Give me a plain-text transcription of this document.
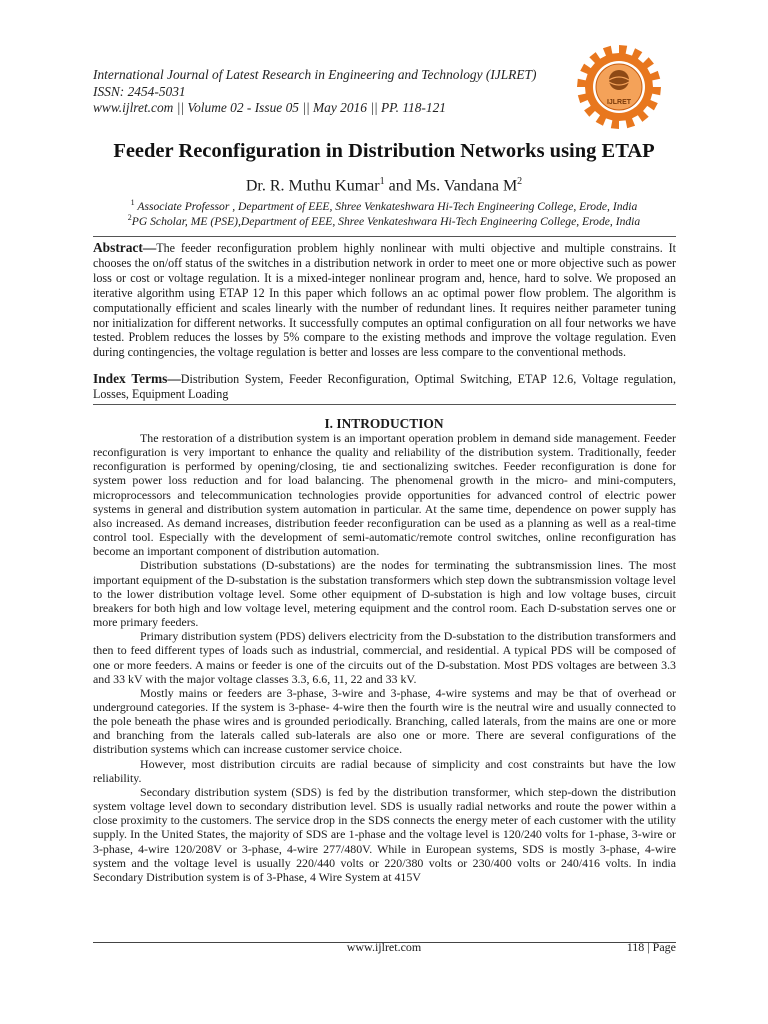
International Journal of Latest Research in Engineering and Technology (IJLRET)
ISSN: 2454-5031
www.ijlret.com || Volume 02 - Issue 05 || May 2016 || PP. 118-121	IJLRET
Feeder Reconfiguration in Distribution Networks using ETAP
Dr. R. Muthu Kumar$^1$ and Ms. Vandana $M^2$
$^1$ Associate Professor , Department of EEE, Shree Venkateshwara Hi-Tech Engineering College, Erode, India
$^2$PG Scholar, ME (PSE),Department of EEE, Shree Venkateshwara Hi-Tech Engineering College, Erode, India
Abstract—The feeder reconfiguration problem highly nonlinear with multi objective and multiple constrains. It chooses the on/off status of the switches in a distribution network in order to meet one or more objective such as power loss or cost or voltage regulation. It is a mixed-integer nonlinear program and, hence, hard to solve. We proposed an iterative algorithm using ETAP 12 In this paper which follows an ac optimal power flow problem. The algorithm is computationally efficient and scales linearly with the number of redundant lines. It requires neither parameter tuning nor initialization for different networks. It successfully computes an optimal configuration on all four networks we have tested. Problem reduces the losses by 5% compare to the existing methods and improve the voltage regulation. Even during contingencies, the voltage regulation is better and losses are less compare to the conventional methods.
Index Terms—Distribution System, Feeder Reconfiguration, Optimal Switching, ETAP 12.6, Voltage regulation, Losses, Equipment Loading
I. INTRODUCTION

The restoration of a distribution system is an important operation problem in demand side management. Feeder reconfiguration is very important to enhance the quality and reliability of the distribution system. Traditionally, feeder reconfiguration is performed by opening/closing, tie and sectionalizing switches. Feeder reconfiguration is done for system power loss reduction and for load balancing. The phenomenal growth in the micro- and mini-computers, microprocessors and telecommunication technologies provide opportunities for advanced control of electric power systems in general and distribution system automation in particular. At the same time, dependence on power supply has also increased. As demand increases, distribution feeder reconfiguration can be used as a planning as well as a real-time control tool. Especially with the development of semi-automatic/remote control switches, online reconfiguration has become an important component of distribution automation.

Distribution substations (D-substations) are the nodes for terminating the subtransmission lines. The most important equipment of the D-substation is the substation transformers which step down the subtransmission voltage level to the lower distribution voltage level. Some other equipment of D-substation is high and low voltage buses, circuit breakers for both high and low voltage level, metering equipment and the control room. Each D-substation serves one or more primary feeders.

Primary distribution system (PDS) delivers electricity from the D-substation to the distribution transformers and then to feed different types of loads such as industrial, commercial, and residential. A typical PDS will be composed of one or more feeders. A mains or feeder is one of the circuits out of the D-substation. Most PDS voltages are between 3.3 and 33 kV with the major voltage classes 3.3, 6.6, 11, 22 and 33 kV.

Mostly mains or feeders are 3-phase, 3-wire and 3-phase, 4-wire systems and may be that of overhead or underground categories. If the system is 3-phase- 4-wire then the fourth wire is the neutral wire and usually connected to the pole beneath the phase wires and is grounded periodically. Branching, called laterals, from the mains are one or more and branching from the laterals called sub-laterals are also one or more. There are several configurations of the distribution systems which can increase customer service choice.

However, most distribution circuits are radial because of simplicity and cost constraints but have the low reliability.

Secondary distribution system (SDS) is fed by the distribution transformer, which step-down the distribution system voltage level down to secondary distribution level. SDS is usually radial networks and route the power within a close proximity to the customers. The service drop in the SDS connects the energy meter of each customer with the utility supply. In the United States, the majority of SDS are 1-phase and the voltage level is 120/240 volts for 1-phase, 3-wire or 3-phase, 4-wire 120/208V or 3-phase, 4-wire 277/480V. While in European systems, SDS is mostly 3-phase, 4-wire system and the voltage level is usually 220/440 volts or 220/380 volts or 230/400 volts or 240/416 volts. In india Secondary Distribution system is of 3-Phase, 4 Wire System at 415V

www.ijlret.com	118 | Page
